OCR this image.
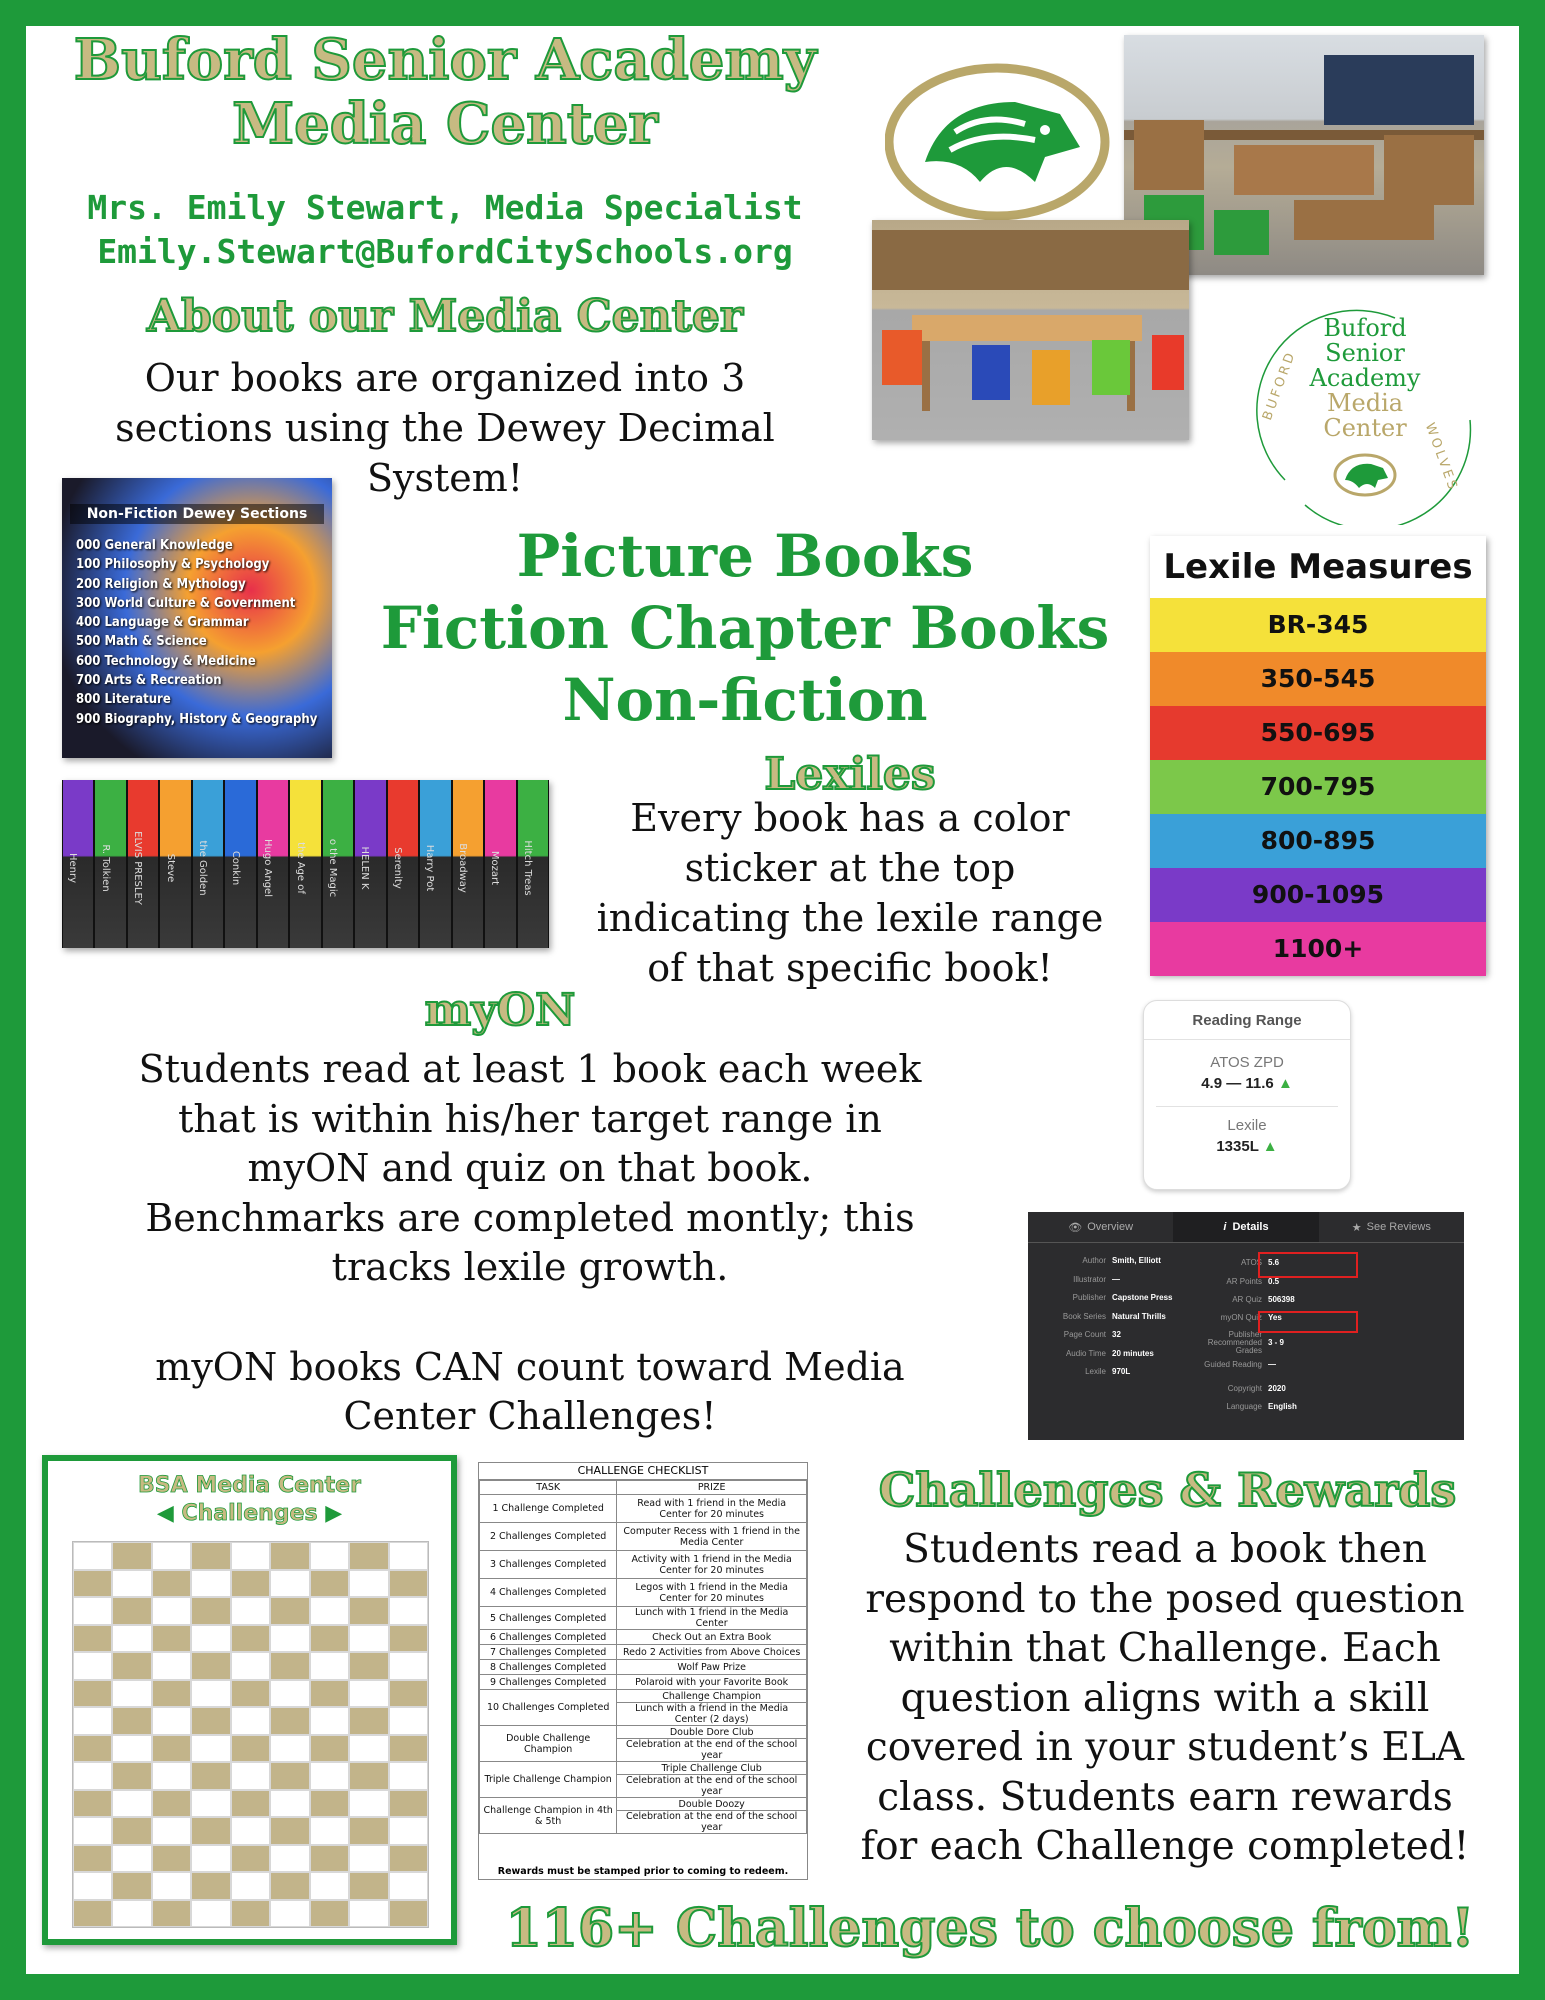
Buford Senior Academy
Media Center
Mrs. Emily Stewart, Media Specialist
Emily.Stewart@BufordCitySchools.org
About our Media Center
Our books are organized into 3
sections using the Dewey Decimal
System!
BUFORD
WOLVES
Buford
Senior
Academy
Media
Center
Non-Fiction Dewey Sections
000 General Knowledge
100 Philosophy & Psychology
200 Religion & Mythology
300 World Culture & Government
400 Language & Grammar
500 Math & Science
600 Technology & Medicine
700 Arts & Recreation
800 Literature
900 Biography, History & Geography
Picture Books
Fiction Chapter Books
Non-fiction
Lexile Measures
BR-345
350-545
550-695
700-795
800-895
900-1095
1100+
Henry R. Tolkien ELVIS PRESLEY Steve the Golden Conkin Hugo Angel the Age of o the Magic HELEN K Serenity Harry Pot Broadway Mozart Hitch Treas
Lexiles
Every book has a color
sticker at the top
indicating the lexile range
of that specific book!
myON
Students read at least 1 book each week
that is within his/her target range in
myON and quiz on that book.
Benchmarks are completed montly; this
tracks lexile growth.
myON books CAN count toward Media
Center Challenges!
Reading Range
ATOS ZPD
4.9 — 11.6 ▲
Lexile
1335L ▲
👁 Overview	i Details	★ See Reviews
Author Smith, Elliott
Illustrator —
Publisher Capstone Press
Book Series Natural Thrills
Page Count 32
Audio Time 20 minutes
Lexile 970L
ATOS 5.6
AR Points 0.5
AR Quiz 506398
myON Quiz Yes
Publisher Recommended Grades3 - 9
Guided Reading —
Copyright 2020
Language English
BSA Media Center
◀ Challenges ▶
CHALLENGE CHECKLIST
TASK	PRIZE
1 Challenge Completed	Read with 1 friend in the Media Center for 20 minutes
2 Challenges Completed	Computer Recess with 1 friend in the Media Center
3 Challenges Completed	Activity with 1 friend in the Media Center for 20 minutes
4 Challenges Completed	Legos with 1 friend in the Media Center for 20 minutes
5 Challenges Completed	Lunch with 1 friend in the Media Center
6 Challenges Completed	Check Out an Extra Book
7 Challenges Completed	Redo 2 Activities from Above Choices
8 Challenges Completed	Wolf Paw Prize
9 Challenges Completed	Polaroid with your Favorite Book
10 Challenges Completed	Challenge Champion
Lunch with a friend in the Media Center (2 days)

Double Challenge Champion	Double Dore Club
Celebration at the end of the school year

Triple Challenge Champion	Triple Challenge Club
Celebration at the end of the school year

Challenge Champion in 4th & 5th	Double Doozy
Celebration at the end of the school year
Rewards must be stamped prior to coming to redeem.
Challenges & Rewards
Students read a book then
respond to the posed question
within that Challenge. Each
question aligns with a skill
covered in your student’s ELA
class. Students earn rewards
for each Challenge completed!
116+ Challenges to choose from!
